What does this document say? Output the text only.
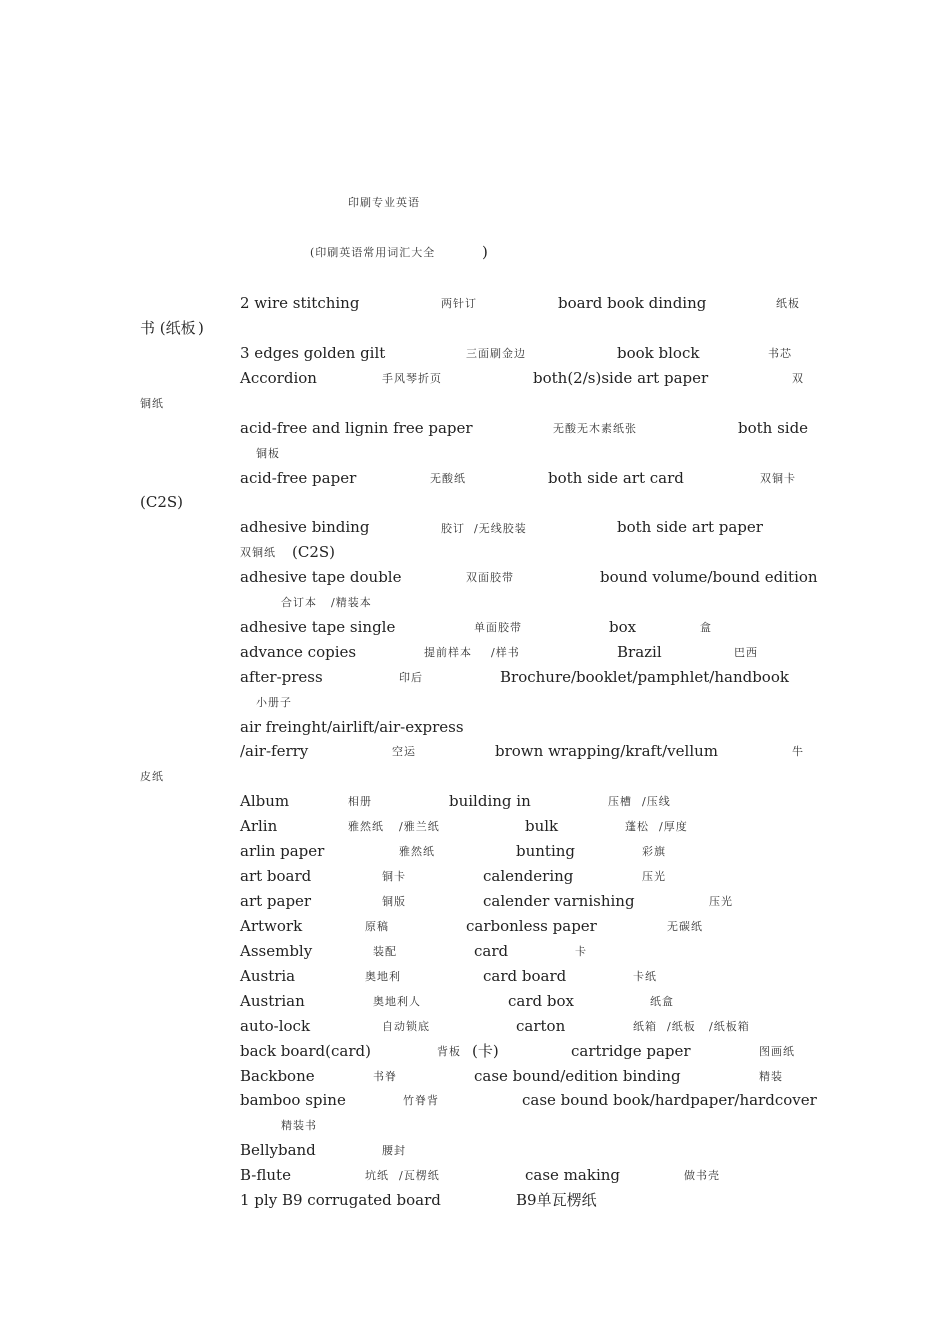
印刷专业英语
(印刷英语常用词汇大全	)
2 wire stitching	两针订	board book dinding	纸板
书 (纸板 )
3 edges golden gilt	三面刷金边	book block	书芯
Accordion	手风琴折页	both(2/s)side art paper	双
铜纸
acid-free and lignin free paper	无酸无木素纸张	both side
铜板
acid-free paper	无酸纸	both side art card	双铜卡
(C2S)
adhesive binding	胶订 /无线胶装	both side art paper
双铜纸 (C2S)
adhesive tape double	双面胶带	bound volume/bound edition
合订本 /精装本
adhesive tape single	单面胶带	box	盒
advance copies	提前样本 /样书	Brazil	巴西
after-press	印后	Brochure/booklet/pamphlet/handbook
小册子
air freinght/airlift/air-express
/air-ferry	空运	brown wrapping/kraft/vellum	牛
皮纸
Album	相册	building in	压槽 /压线
Arlin	雅然纸 /雅兰纸	bulk	蓬松 /厚度
arlin paper	雅然纸	bunting	彩旗
art board	铜卡	calendering	压光
art paper	铜版	calender varnishing	压光
Artwork	原稿	carbonless paper	无碳纸
Assembly	装配	card	卡
Austria	奥地利	card board	卡纸
Austrian	奥地利人	card box	纸盒
auto-lock	自动锁底	carton	纸箱 /纸板 /纸板箱
back board(card)	背板 (卡)	cartridge paper	图画纸
Backbone	书脊	case bound/edition binding	精装
bamboo spine	竹脊背	case bound book/hardpaper/hardcover
精装书
Bellyband	腰封
B-flute	坑纸 /瓦楞纸	case making	做书壳
1 ply B9 corrugated board	B9单瓦楞纸
